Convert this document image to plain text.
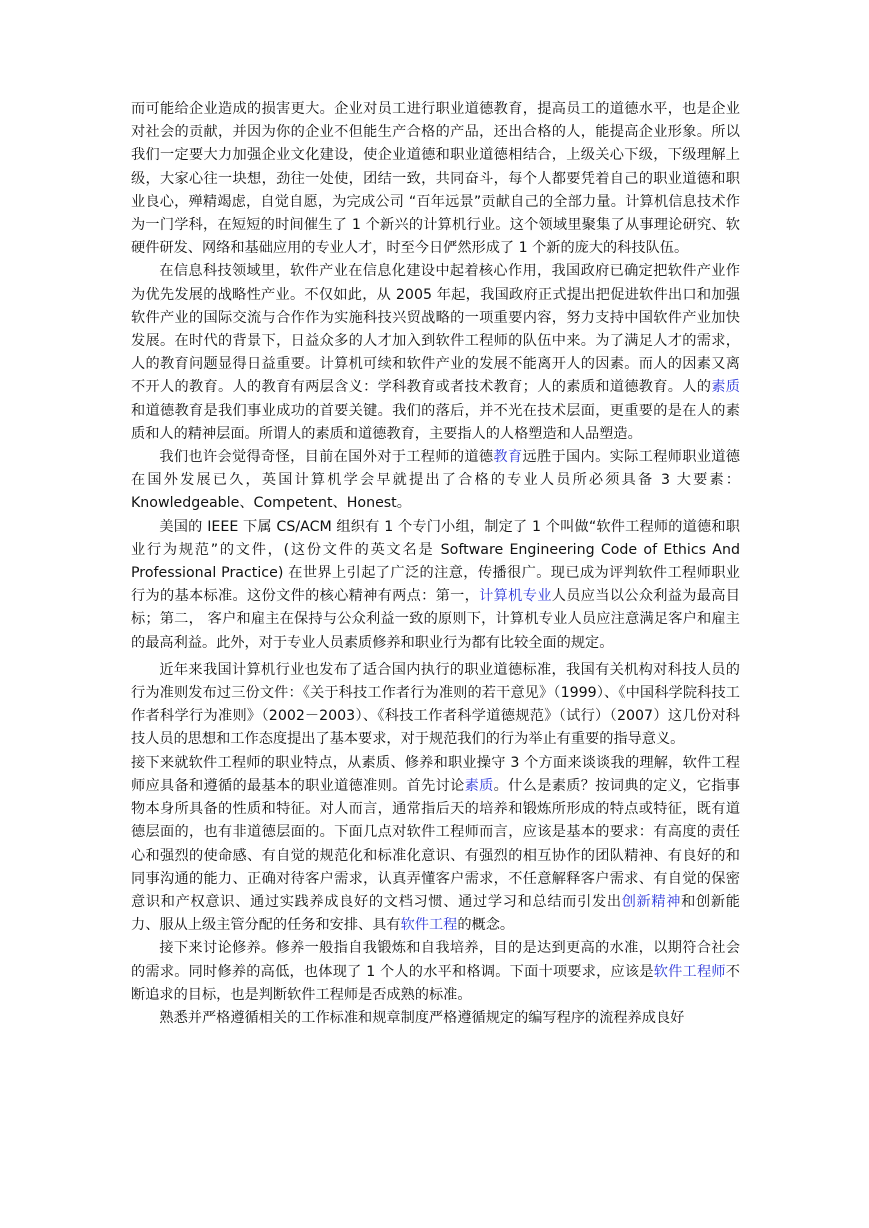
而可能给企业造成的损害更大。企业对员工进行职业道德教育，提高员工的道德水平，也是企业对社会的贡献，并因为你的企业不但能生产合格的产品，还出合格的人，能提高企业形象。所以我们一定要大力加强企业文化建设，使企业道德和职业道德相结合，上级关心下级，下级理解上级，大家心往一块想，劲往一处使，团结一致，共同奋斗，每个人都要凭着自己的职业道德和职业良心，殚精竭虑，自觉自愿，为完成公司 “百年远景”贡献自己的全部力量。计算机信息技术作为一门学科，在短短的时间催生了 1 个新兴的计算机行业。这个领域里聚集了从事理论研究、软硬件研发、网络和基础应用的专业人才，时至今日俨然形成了 1 个新的庞大的科技队伍。

在信息科技领域里，软件产业在信息化建设中起着核心作用，我国政府已确定把软件产业作为优先发展的战略性产业。不仅如此，从 2005 年起，我国政府正式提出把促进软件出口和加强软件产业的国际交流与合作作为实施科技兴贸战略的一项重要内容，努力支持中国软件产业加快发展。在时代的背景下，日益众多的人才加入到软件工程师的队伍中来。为了满足人才的需求，人的教育问题显得日益重要。计算机可续和软件产业的发展不能离开人的因素。而人的因素又离不开人的教育。人的教育有两层含义：学科教育或者技术教育；人的素质和道德教育。人的素质和道德教育是我们事业成功的首要关键。我们的落后，并不光在技术层面，更重要的是在人的素质和人的精神层面。所谓人的素质和道德教育，主要指人的人格塑造和人品塑造。

我们也许会觉得奇怪，目前在国外对于工程师的道德教育远胜于国内。实际工程师职业道德在国外发展已久，英国计算机学会早就提出了合格的专业人员所必须具备 3 大要素：Knowledgeable、Competent、Honest。

美国的 IEEE 下属 CS/ACM 组织有 1 个专门小组，制定了 1 个叫做“软件工程师的道德和职业行为规范”的文件，(这份文件的英文名是 Software Engineering Code of Ethics And Professional Practice) 在世界上引起了广泛的注意，传播很广。现已成为评判软件工程师职业行为的基本标准。这份文件的核心精神有两点：第一，计算机专业人员应当以公众利益为最高目标；第二， 客户和雇主在保持与公众利益一致的原则下，计算机专业人员应注意满足客户和雇主的最高利益。此外，对于专业人员素质修养和职业行为都有比较全面的规定。

近年来我国计算机行业也发布了适合国内执行的职业道德标准，我国有关机构对科技人员的行为准则发布过三份文件：《关于科技工作者行为准则的若干意见》（1999）、《中国科学院科技工作者科学行为准则》（2002－2003）、《科技工作者科学道德规范》（试行）（2007）这几份对科技人员的思想和工作态度提出了基本要求，对于规范我们的行为举止有重要的指导意义。

接下来就软件工程师的职业特点，从素质、修养和职业操守 3 个方面来谈谈我的理解，软件工程师应具备和遵循的最基本的职业道德准则。首先讨论素质。什么是素质？按词典的定义，它指事物本身所具备的性质和特征。对人而言，通常指后天的培养和锻炼所形成的特点或特征，既有道德层面的，也有非道德层面的。下面几点对软件工程师而言，应该是基本的要求：有高度的责任心和强烈的使命感、有自觉的规范化和标准化意识、有强烈的相互协作的团队精神、有良好的和同事沟通的能力、正确对待客户需求，认真弄懂客户需求，不任意解释客户需求、有自觉的保密意识和产权意识、通过实践养成良好的文档习惯、通过学习和总结而引发出创新精神和创新能力、服从上级主管分配的任务和安排、具有软件工程的概念。

接下来讨论修养。修养一般指自我锻炼和自我培养，目的是达到更高的水准，以期符合社会的需求。同时修养的高低，也体现了 1 个人的水平和格调。下面十项要求，应该是软件工程师不断追求的目标，也是判断软件工程师是否成熟的标准。

熟悉并严格遵循相关的工作标准和规章制度严格遵循规定的编写程序的流程养成良好
